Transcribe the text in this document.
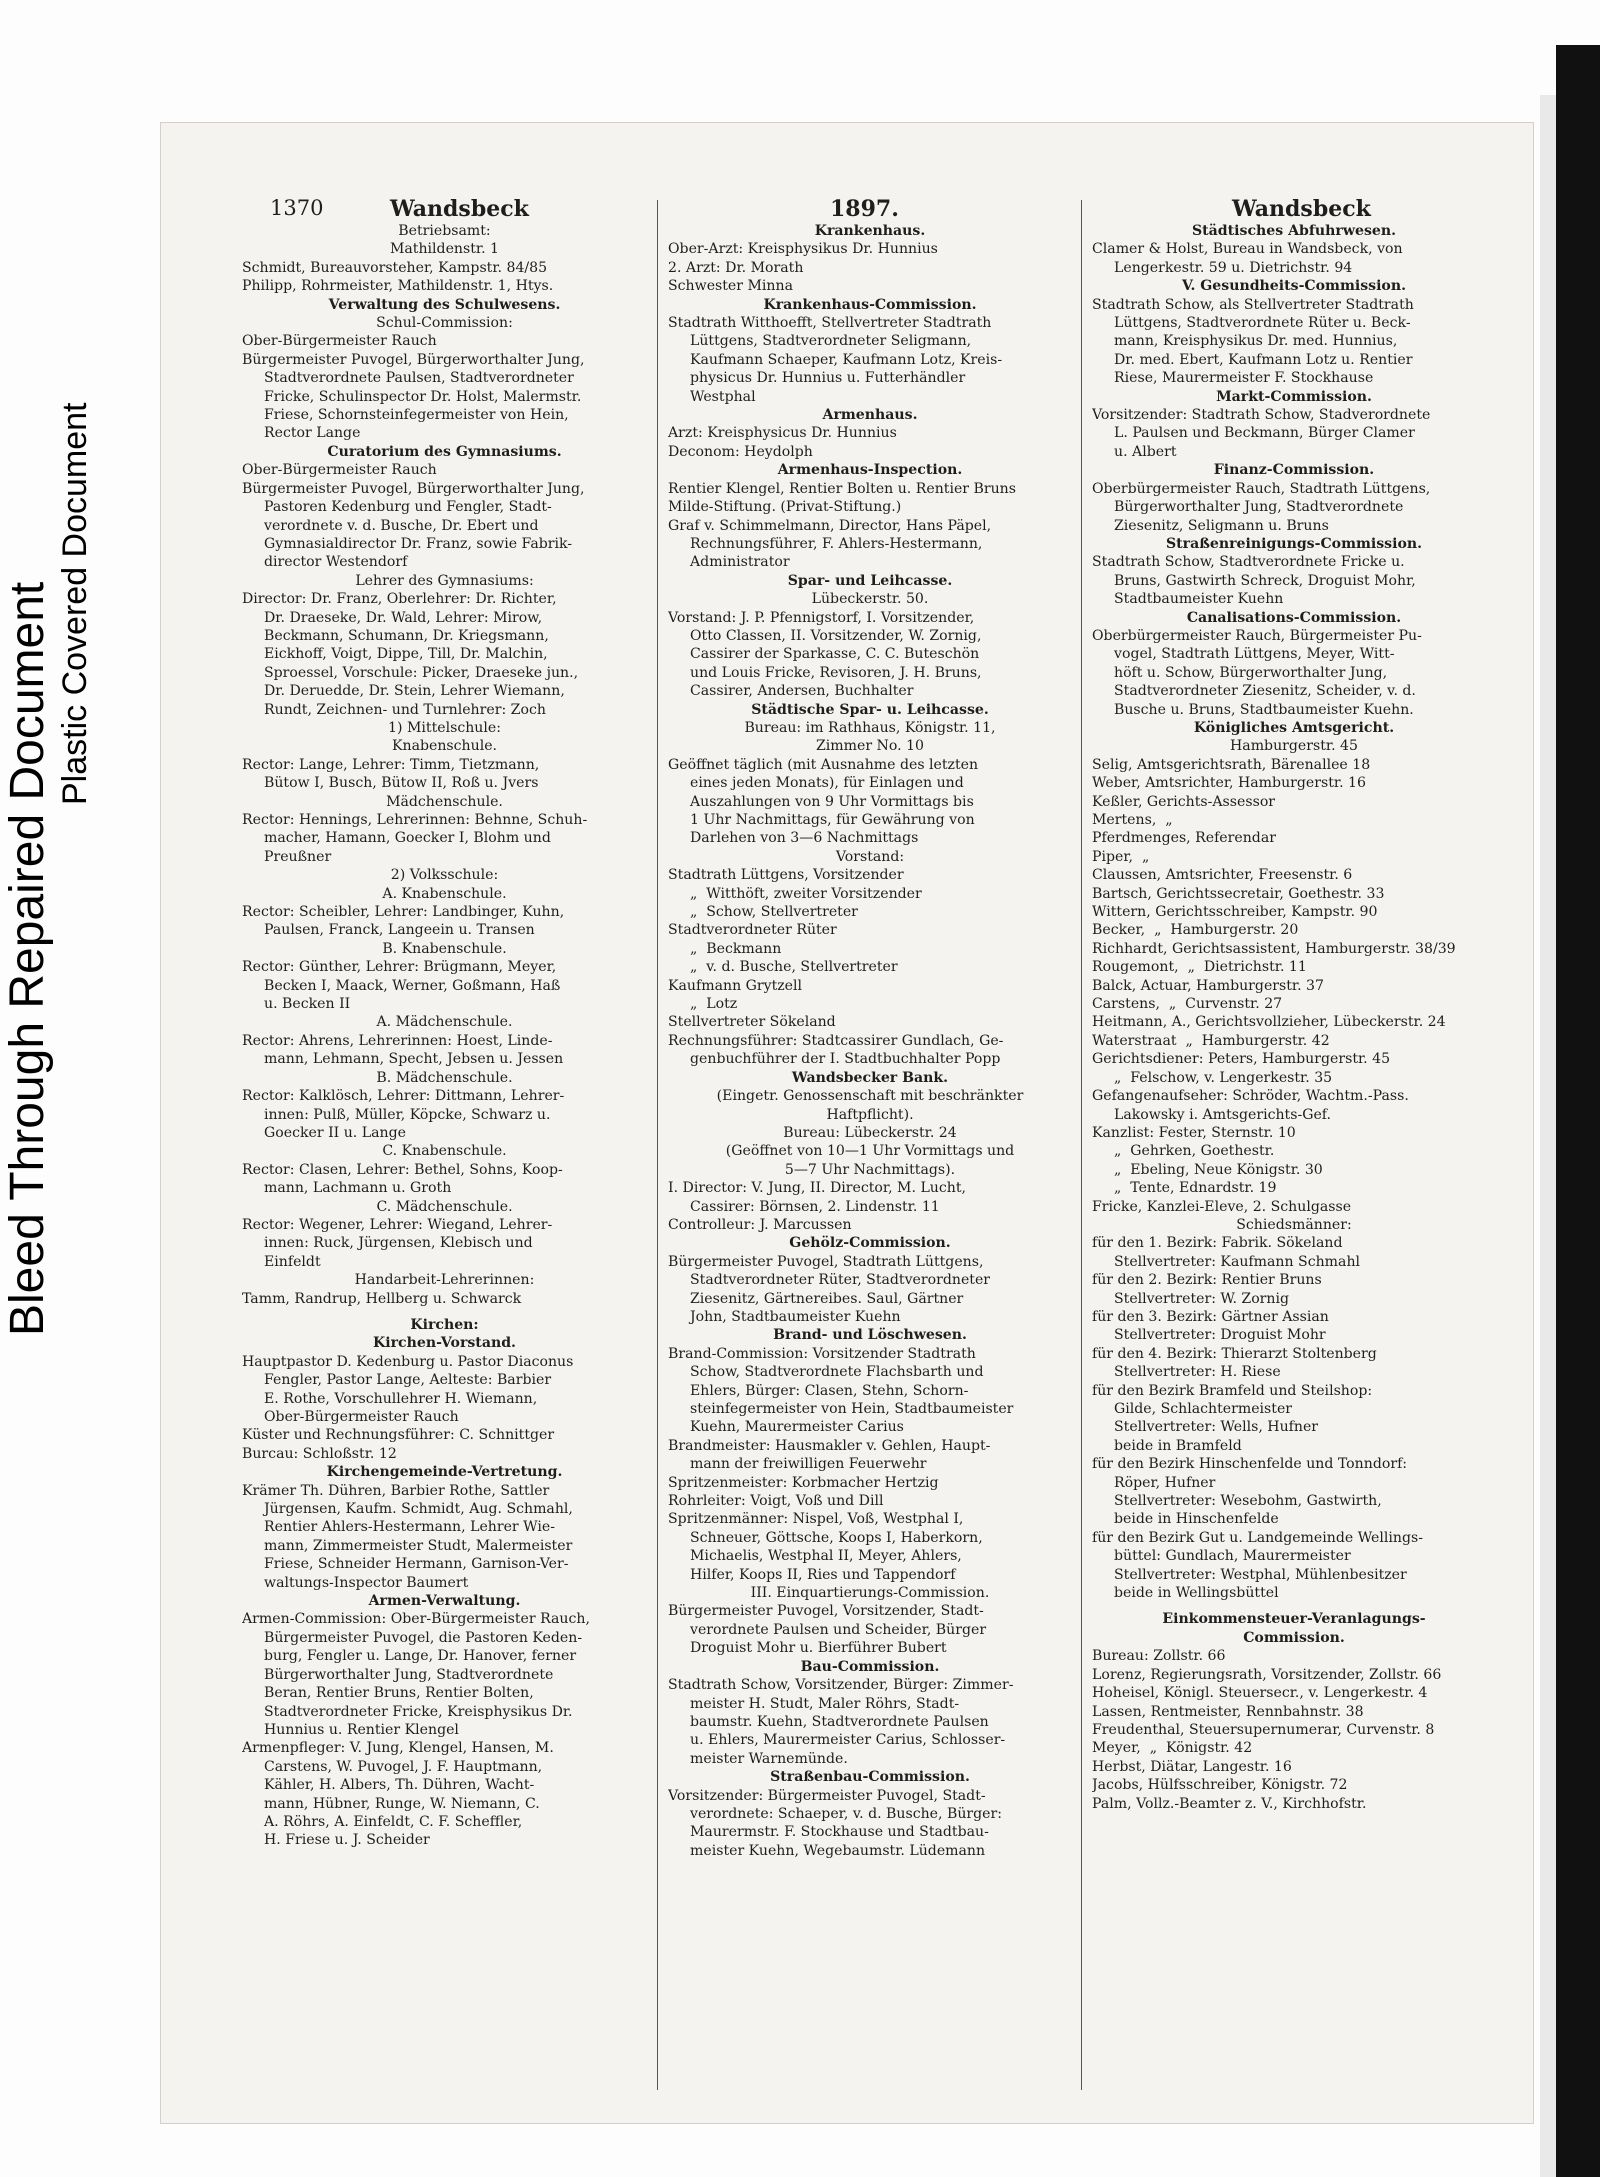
Bleed Through Repaired Document Plastic Covered Document
1370	Wandsbeck	1897.	Wandsbeck
Betriebsamt:
Mathildenstr. 1
Schmidt, Bureauvorsteher, Kampstr. 84/85
Philipp, Rohrmeister, Mathildenstr. 1, Htys.
Verwaltung des Schulwesens.
Schul-Commission:
Ober-Bürgermeister Rauch
Bürgermeister Puvogel, Bürgerworthalter Jung,
Stadtverordnete Paulsen, Stadtverordneter
Fricke, Schulinspector Dr. Holst, Malermstr.
Friese, Schornsteinfegermeister von Hein,
Rector Lange
Curatorium des Gymnasiums.
Ober-Bürgermeister Rauch
Bürgermeister Puvogel, Bürgerworthalter Jung,
Pastoren Kedenburg und Fengler, Stadt-
verordnete v. d. Busche, Dr. Ebert und
Gymnasialdirector Dr. Franz, sowie Fabrik-
director Westendorf
Lehrer des Gymnasiums:
Director: Dr. Franz, Oberlehrer: Dr. Richter,
Dr. Draeseke, Dr. Wald, Lehrer: Mirow,
Beckmann, Schumann, Dr. Kriegsmann,
Eickhoff, Voigt, Dippe, Till, Dr. Malchin,
Sproessel, Vorschule: Picker, Draeseke jun.,
Dr. Deruedde, Dr. Stein, Lehrer Wiemann,
Rundt, Zeichnen- und Turnlehrer: Zoch
1) Mittelschule:
Knabenschule.
Rector: Lange, Lehrer: Timm, Tietzmann,
Bütow I, Busch, Bütow II, Roß u. Jvers
Mädchenschule.
Rector: Hennings, Lehrerinnen: Behnne, Schuh-
macher, Hamann, Goecker I, Blohm und
Preußner
2) Volksschule:
A. Knabenschule.
Rector: Scheibler, Lehrer: Landbinger, Kuhn,
Paulsen, Franck, Langeein u. Transen
B. Knabenschule.
Rector: Günther, Lehrer: Brügmann, Meyer,
Becken I, Maack, Werner, Goßmann, Haß
u. Becken II
A. Mädchenschule.
Rector: Ahrens, Lehrerinnen: Hoest, Linde-
mann, Lehmann, Specht, Jebsen u. Jessen
B. Mädchenschule.
Rector: Kalklösch, Lehrer: Dittmann, Lehrer-
innen: Pulß, Müller, Köpcke, Schwarz u.
Goecker II u. Lange
C. Knabenschule.
Rector: Clasen, Lehrer: Bethel, Sohns, Koop-
mann, Lachmann u. Groth
C. Mädchenschule.
Rector: Wegener, Lehrer: Wiegand, Lehrer-
innen: Ruck, Jürgensen, Klebisch und
Einfeldt
Handarbeit-Lehrerinnen:
Tamm, Randrup, Hellberg u. Schwarck
Kirchen:
Kirchen-Vorstand.
Hauptpastor D. Kedenburg u. Pastor Diaconus
Fengler, Pastor Lange, Aelteste: Barbier
E. Rothe, Vorschullehrer H. Wiemann,
Ober-Bürgermeister Rauch
Küster und Rechnungsführer: C. Schnittger
Burcau: Schloßstr. 12
Kirchengemeinde-Vertretung.
Krämer Th. Dühren, Barbier Rothe, Sattler
Jürgensen, Kaufm. Schmidt, Aug. Schmahl,
Rentier Ahlers-Hestermann, Lehrer Wie-
mann, Zimmermeister Studt, Malermeister
Friese, Schneider Hermann, Garnison-Ver-
waltungs-Inspector Baumert
Armen-Verwaltung.
Armen-Commission: Ober-Bürgermeister Rauch,
Bürgermeister Puvogel, die Pastoren Keden-
burg, Fengler u. Lange, Dr. Hanover, ferner
Bürgerworthalter Jung, Stadtverordnete
Beran, Rentier Bruns, Rentier Bolten,
Stadtverordneter Fricke, Kreisphysikus Dr.
Hunnius u. Rentier Klengel
Armenpfleger: V. Jung, Klengel, Hansen, M.
Carstens, W. Puvogel, J. F. Hauptmann,
Kähler, H. Albers, Th. Dühren, Wacht-
mann, Hübner, Runge, W. Niemann, C.
A. Röhrs, A. Einfeldt, C. F. Scheffler,
H. Friese u. J. Scheider
Krankenhaus.
Ober-Arzt: Kreisphysikus Dr. Hunnius
2. Arzt: Dr. Morath
Schwester Minna
Krankenhaus-Commission.
Stadtrath Witthoefft, Stellvertreter Stadtrath
Lüttgens, Stadtverordneter Seligmann,
Kaufmann Schaeper, Kaufmann Lotz, Kreis-
physicus Dr. Hunnius u. Futterhändler
Westphal
Armenhaus.
Arzt: Kreisphysicus Dr. Hunnius
Deconom: Heydolph
Armenhaus-Inspection.
Rentier Klengel, Rentier Bolten u. Rentier Bruns
Milde-Stiftung. (Privat-Stiftung.)
Graf v. Schimmelmann, Director, Hans Päpel,
Rechnungsführer, F. Ahlers-Hestermann,
Administrator
Spar- und Leihcasse.
Lübeckerstr. 50.
Vorstand: J. P. Pfennigstorf, I. Vorsitzender,
Otto Classen, II. Vorsitzender, W. Zornig,
Cassirer der Sparkasse, C. C. Buteschön
und Louis Fricke, Revisoren, J. H. Bruns,
Cassirer, Andersen, Buchhalter
Städtische Spar- u. Leihcasse.
Bureau: im Rathhaus, Königstr. 11,
Zimmer No. 10
Geöffnet täglich (mit Ausnahme des letzten
eines jeden Monats), für Einlagen und
Auszahlungen von 9 Uhr Vormittags bis
1 Uhr Nachmittags, für Gewährung von
Darlehen von 3—6 Nachmittags
Vorstand:
Stadtrath Lüttgens, Vorsitzender
„  Witthöft, zweiter Vorsitzender
„  Schow, Stellvertreter
Stadtverordneter Rüter
„  Beckmann
„  v. d. Busche, Stellvertreter
Kaufmann Grytzell
„  Lotz
Stellvertreter Sökeland
Rechnungsführer: Stadtcassirer Gundlach, Ge-
genbuchführer der I. Stadtbuchhalter Popp
Wandsbecker Bank.
(Eingetr. Genossenschaft mit beschränkter
Haftpflicht).
Bureau: Lübeckerstr. 24
(Geöffnet von 10—1 Uhr Vormittags und
5—7 Uhr Nachmittags).
I. Director: V. Jung, II. Director, M. Lucht,
Cassirer: Börnsen, 2. Lindenstr. 11
Controlleur: J. Marcussen
Gehölz-Commission.
Bürgermeister Puvogel, Stadtrath Lüttgens,
Stadtverordneter Rüter, Stadtverordneter
Ziesenitz, Gärtnereibes. Saul, Gärtner
John, Stadtbaumeister Kuehn
Brand- und Löschwesen.
Brand-Commission: Vorsitzender Stadtrath
Schow, Stadtverordnete Flachsbarth und
Ehlers, Bürger: Clasen, Stehn, Schorn-
steinfegermeister von Hein, Stadtbaumeister
Kuehn, Maurermeister Carius
Brandmeister: Hausmakler v. Gehlen, Haupt-
mann der freiwilligen Feuerwehr
Spritzenmeister: Korbmacher Hertzig
Rohrleiter: Voigt, Voß und Dill
Spritzenmänner: Nispel, Voß, Westphal I,
Schneuer, Göttsche, Koops I, Haberkorn,
Michaelis, Westphal II, Meyer, Ahlers,
Hilfer, Koops II, Ries und Tappendorf
III. Einquartierungs-Commission.
Bürgermeister Puvogel, Vorsitzender, Stadt-
verordnete Paulsen und Scheider, Bürger
Droguist Mohr u. Bierführer Bubert
Bau-Commission.
Stadtrath Schow, Vorsitzender, Bürger: Zimmer-
meister H. Studt, Maler Röhrs, Stadt-
baumstr. Kuehn, Stadtverordnete Paulsen
u. Ehlers, Maurermeister Carius, Schlosser-
meister Warnemünde.
Straßenbau-Commission.
Vorsitzender: Bürgermeister Puvogel, Stadt-
verordnete: Schaeper, v. d. Busche, Bürger:
Maurermstr. F. Stockhause und Stadtbau-
meister Kuehn, Wegebaumstr. Lüdemann
Städtisches Abfuhrwesen.
Clamer & Holst, Bureau in Wandsbeck, von
Lengerkestr. 59 u. Dietrichstr. 94
V. Gesundheits-Commission.
Stadtrath Schow, als Stellvertreter Stadtrath
Lüttgens, Stadtverordnete Rüter u. Beck-
mann, Kreisphysikus Dr. med. Hunnius,
Dr. med. Ebert, Kaufmann Lotz u. Rentier
Riese, Maurermeister F. Stockhause
Markt-Commission.
Vorsitzender: Stadtrath Schow, Stadverordnete
L. Paulsen und Beckmann, Bürger Clamer
u. Albert
Finanz-Commission.
Oberbürgermeister Rauch, Stadtrath Lüttgens,
Bürgerworthalter Jung, Stadtverordnete
Ziesenitz, Seligmann u. Bruns
Straßenreinigungs-Commission.
Stadtrath Schow, Stadtverordnete Fricke u.
Bruns, Gastwirth Schreck, Droguist Mohr,
Stadtbaumeister Kuehn
Canalisations-Commission.
Oberbürgermeister Rauch, Bürgermeister Pu-
vogel, Stadtrath Lüttgens, Meyer, Witt-
höft u. Schow, Bürgerworthalter Jung,
Stadtverordneter Ziesenitz, Scheider, v. d.
Busche u. Bruns, Stadtbaumeister Kuehn.
Königliches Amtsgericht.
Hamburgerstr. 45
Selig, Amtsgerichtsrath, Bärenallee 18
Weber, Amtsrichter, Hamburgerstr. 16
Keßler, Gerichts-Assessor
Mertens,  „
Pferdmenges, Referendar
Piper,  „
Claussen, Amtsrichter, Freesenstr. 6
Bartsch, Gerichtssecretair, Goethestr. 33
Wittern, Gerichtsschreiber, Kampstr. 90
Becker,  „  Hamburgerstr. 20
Richhardt, Gerichtsassistent, Hamburgerstr. 38/39
Rougemont,  „  Dietrichstr. 11
Balck, Actuar, Hamburgerstr. 37
Carstens,  „  Curvenstr. 27
Heitmann, A., Gerichtsvollzieher, Lübeckerstr. 24
Waterstraat  „  Hamburgerstr. 42
Gerichtsdiener: Peters, Hamburgerstr. 45
„  Felschow, v. Lengerkestr. 35
Gefangenaufseher: Schröder, Wachtm.-Pass.
Lakowsky i. Amtsgerichts-Gef.
Kanzlist: Fester, Sternstr. 10
„  Gehrken, Goethestr.
„  Ebeling, Neue Königstr. 30
„  Tente, Ednardstr. 19
Fricke, Kanzlei-Eleve, 2. Schulgasse
Schiedsmänner:
für den 1. Bezirk: Fabrik. Sökeland
Stellvertreter: Kaufmann Schmahl
für den 2. Bezirk: Rentier Bruns
Stellvertreter: W. Zornig
für den 3. Bezirk: Gärtner Assian
Stellvertreter: Droguist Mohr
für den 4. Bezirk: Thierarzt Stoltenberg
Stellvertreter: H. Riese
für den Bezirk Bramfeld und Steilshop:
Gilde, Schlachtermeister
Stellvertreter: Wells, Hufner
beide in Bramfeld
für den Bezirk Hinschenfelde und Tonndorf:
Röper, Hufner
Stellvertreter: Wesebohm, Gastwirth,
beide in Hinschenfelde
für den Bezirk Gut u. Landgemeinde Wellings-
büttel: Gundlach, Maurermeister
Stellvertreter: Westphal, Mühlenbesitzer
beide in Wellingsbüttel
Einkommensteuer-Veranlagungs-
Commission.
Bureau: Zollstr. 66
Lorenz, Regierungsrath, Vorsitzender, Zollstr. 66
Hoheisel, Königl. Steuersecr., v. Lengerkestr. 4
Lassen, Rentmeister, Rennbahnstr. 38
Freudenthal, Steuersupernumerar, Curvenstr. 8
Meyer,  „  Königstr. 42
Herbst, Diätar, Langestr. 16
Jacobs, Hülfsschreiber, Königstr. 72
Palm, Vollz.-Beamter z. V., Kirchhofstr.
